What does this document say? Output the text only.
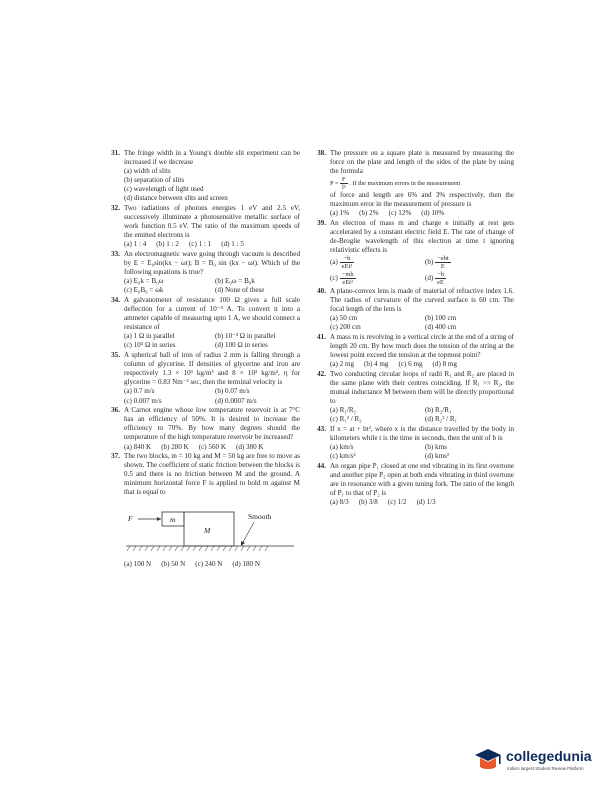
31. The fringe width in a Young's double slit experiment can be increased if we decrease
(a) width of slits
(b) separation of slits
(c) wavelength of light used
(d) distance between slits and screen
32. Two radiations of photons energies 1 eV and 2.5 eV, successively illuminate a photosensitive metallic surface of work function 0.5 eV. The ratio of the maximum speeds of the emitted electrons is
(a) 1 : 4 (b) 1 : 2 (c) 1 : 1 (d) 1 : 5
33. An electromagnetic wave going through vacuum is described by E = E₀sin(kx − ωt); B = B₀ sin (kx − ωt). Which of the following equations is true?
(a) E₀k = B₀ω	(b) E₀ω = B₀k
(c) E₀B₀ = ωk	(d) None of these
34. A galvanometer of resistance 100 Ω gives a full scale deflection for a current of 10⁻⁵ A. To convert it into a ammeter capable of measuring upto 1 A, we should connect a resistance of
(a) 1 Ω in parallel	(b) 10⁻³ Ω in parallel
(c) 10⁵ Ω in series	(d) 100 Ω in series
35. A spherical ball of iron of radius 2 mm is falling through a column of glycerine. If densities of glycerine and iron are respectively 1.3 × 10³ kg/m³ and 8 × 10³ kg/m³, η for glycerine = 0.83 Nm⁻² sec, then the terminal velocity is
(a) 0.7 m/s	(b) 0.07 m/s
(c) 0.007 m/s	(d) 0.0007 m/s
36. A Carnot engine whose low temperature reservoir is at 7°C has an efficiency of 50%. It is desired to increase the efficiency to 70%. By how many degrees should the temperature of the high temperature reservoir be increased?
(a) 840 K (b) 280 K (c) 560 K (d) 380 K
37. The two blocks, m = 10 kg and M = 50 kg are free to move as shown. The coefficient of static friction between the blocks is 0.5 and there is no friction between M and the ground. A minimum horizontal force F is applied to hold m against M that is equal to
F	m
M
Smooth
(a) 100 N (b) 50 N (c) 240 N (d) 180 N
38. The pressure on a square plate is measured by measuring the force on the plate and length of the sides of the plate by using the formula
$P = \frac{F}{\text{l²}}$ . If the maximum errors in the measurement
of force and length are 6% and 3% respectively, then the maximum error in the measurement of pressure is
(a) 1% (b) 2% (c) 12% (d) 10%
39. An electron of mass m and charge e initially at rest gets accelerated by a constant electric field E. The rate of change of de-Broglie wavelength of this electron at time t ignoring relativistic effects is
(a) −h
eEt²
(b) −eht
E
(c) −mh
eEt²
$(d) \frac{-h}{eE}$
40. A plano-convex lens is made of material of refractive index 1.6. The radius of curvature of the curved surface is 60 cm. The focal length of the lens is
(a) 50 cm	(b) 100 cm
(c) 200 cm	(d) 400 cm
41. A mass m is revolving in a vertical circle at the end of a string of length 20 cm. By how much does the tension of the string at the lowest point exceed the tension at the topmost point?
(a) 2 mg (b) 4 mg (c) 6 mg (d) 8 mg
42. Two conducting circular loops of radii R₁ and R₂ are placed in the same plane with their centres coinciding. If R₁ >> R₂, the mutual inductance M between them will be directly proportional to
(a) R₁/R₂	(b) R₂/R₁
(c) R₁² / R₂	(d) R₂² / R₁
43. If x = at + bt², where x is the distance travelled by the body in kilometers while t is the time in seconds, then the unit of b is
(a) km/s	(b) kms
(c) km/s²	(d) kms²
44. An organ pipe P₁ closed at one end vibrating in its first overtone and another pipe P₂ open at both ends vibrating in third overtone are in resonance with a given tuning fork. The ratio of the length of P₁ to that of P₂ is
(a) 8/3 (b) 3/8 (c) 1/2 (d) 1/3
collegedunia
India's largest Student Review Platform
